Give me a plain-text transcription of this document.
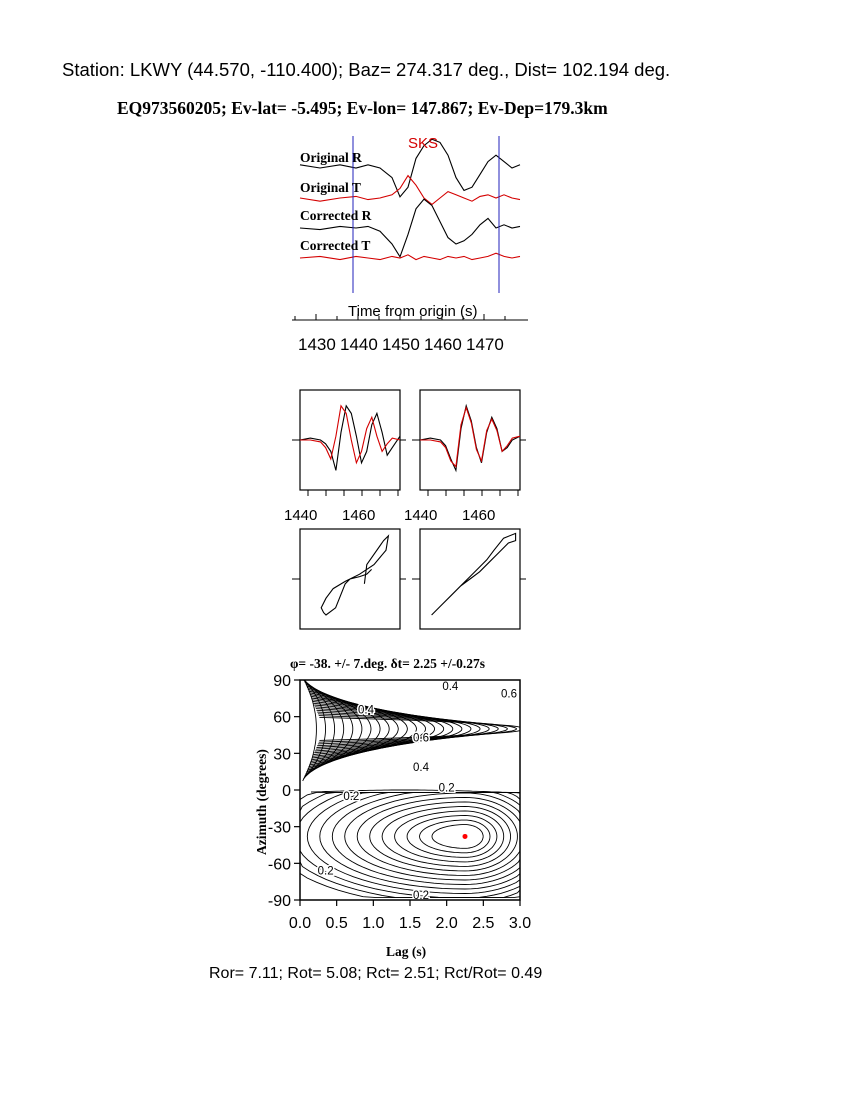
Station: LKWY (44.570, -110.400); Baz= 274.317 deg., Dist= 102.194 deg.
EQ973560205; Ev-lat= -5.495; Ev-lon= 147.867; Ev-Dep=179.3km
SKS
Original R
Original T
Corrected R
Corrected T
Time from origin (s)
1430 1440 1450 1460 1470
1440 1460 1440 1460
φ= -38. +/- 7.deg. δt= 2.25 +/-0.27s
0.4
0.6
0.4
0.6
0.4
0.2
0.2
0.2
0.2
0.0 0.5 1.0 1.5 2.0 2.5 3.0
90
60
30
0
-30
-60
-90
Azimuth (degrees)
Lag (s)
Ror= 7.11; Rot= 5.08; Rct= 2.51; Rct/Rot= 0.49
